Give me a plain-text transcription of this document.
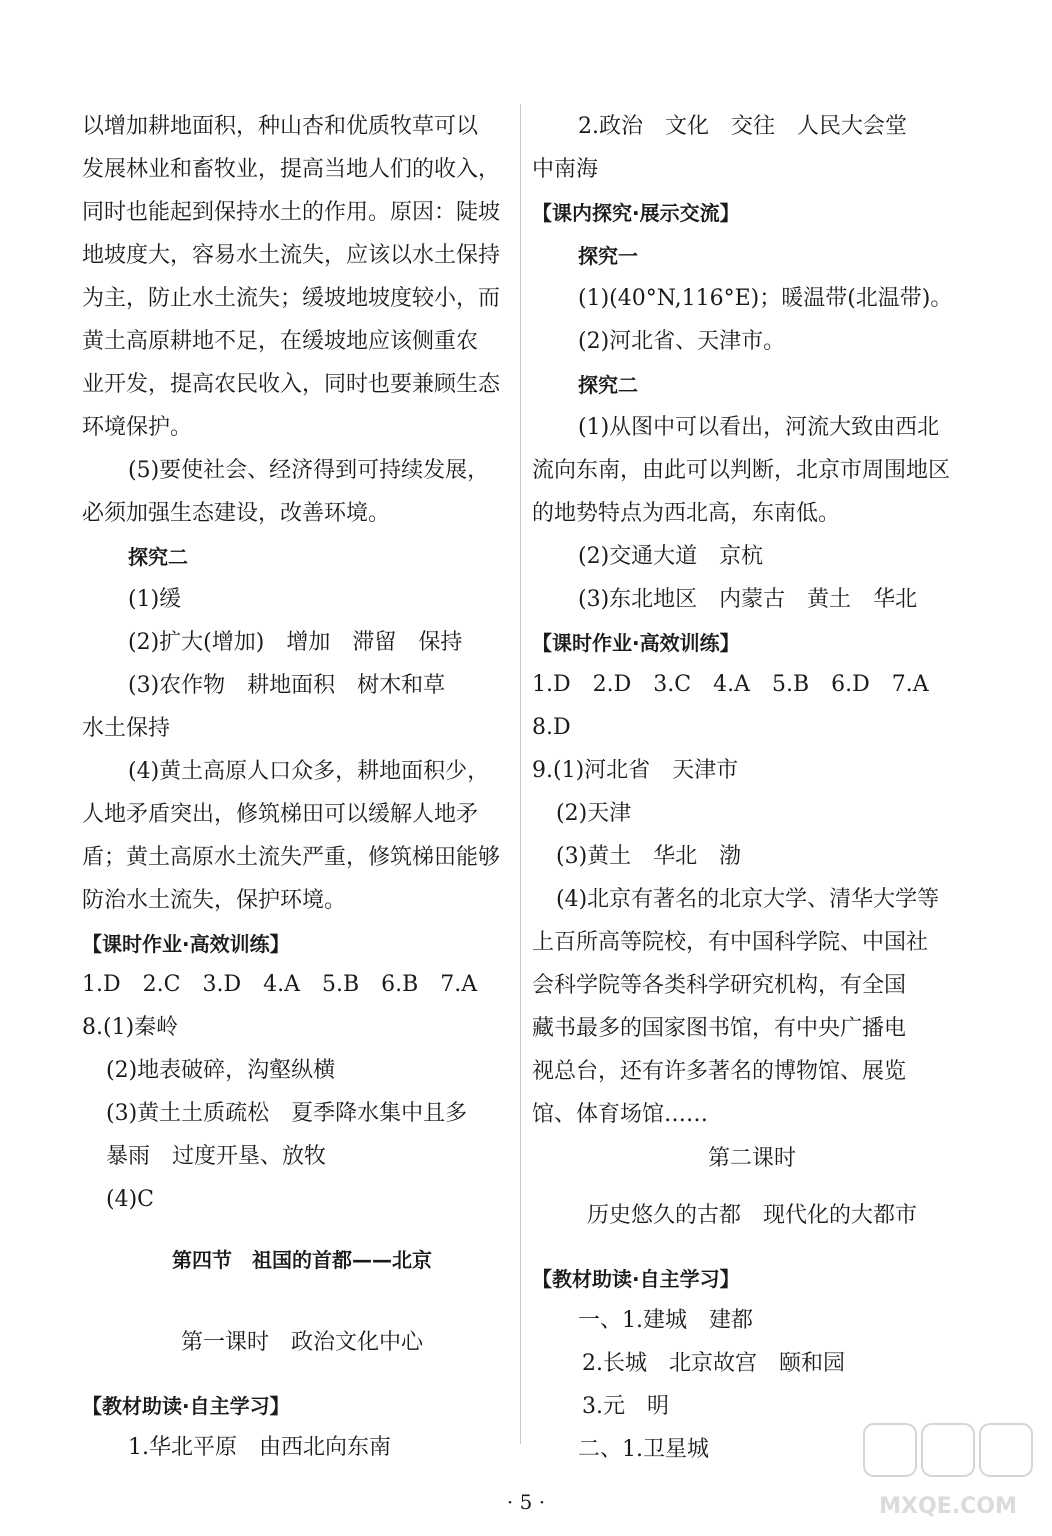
以增加耕地面积，种山杏和优质牧草可以
发展林业和畜牧业，提高当地人们的收入，
同时也能起到保持水土的作用。原因：陡坡
地坡度大，容易水土流失，应该以水土保持
为主，防止水土流失；缓坡地坡度较小，而
黄土高原耕地不足，在缓坡地应该侧重农
业开发，提高农民收入，同时也要兼顾生态
环境保护。
(5)要使社会、经济得到可持续发展，
必须加强生态建设，改善环境。
探究二
(1)缓
(2)扩大(增加)　增加　滞留　保持
(3)农作物　耕地面积　树木和草
水土保持
(4)黄土高原人口众多，耕地面积少，
人地矛盾突出，修筑梯田可以缓解人地矛
盾；黄土高原水土流失严重，修筑梯田能够
防治水土流失，保护环境。
【课时作业·高效训练】
1.D　2.C　3.D　4.A　5.B　6.B　7.A
8.(1)秦岭
(2)地表破碎，沟壑纵横
(3)黄土土质疏松　夏季降水集中且多
暴雨　过度开垦、放牧
(4)C
第四节　祖国的首都——北京
第一课时　政治文化中心
【教材助读·自主学习】
1.华北平原　由西北向东南
2.政治　文化　交往　人民大会堂
中南海
【课内探究·展示交流】
探究一
(1)(40°N,116°E)；暖温带(北温带)。
(2)河北省、天津市。
探究二
(1)从图中可以看出，河流大致由西北
流向东南，由此可以判断，北京市周围地区
的地势特点为西北高，东南低。
(2)交通大道　京杭
(3)东北地区　内蒙古　黄土　华北
【课时作业·高效训练】
1.D　2.D　3.C　4.A　5.B　6.D　7.A
8.D
9.(1)河北省　天津市
(2)天津
(3)黄土　华北　渤
(4)北京有著名的北京大学、清华大学等
上百所高等院校，有中国科学院、中国社
会科学院等各类科学研究机构，有全国
藏书最多的国家图书馆，有中央广播电
视总台，还有许多著名的博物馆、展览
馆、体育场馆……
第二课时
历史悠久的古都　现代化的大都市
【教材助读·自主学习】
一、1.建城　建都
2.长城　北京故宫　颐和园
3.元　明
二、1.卫星城
· 5 ·	MXQE.COM
